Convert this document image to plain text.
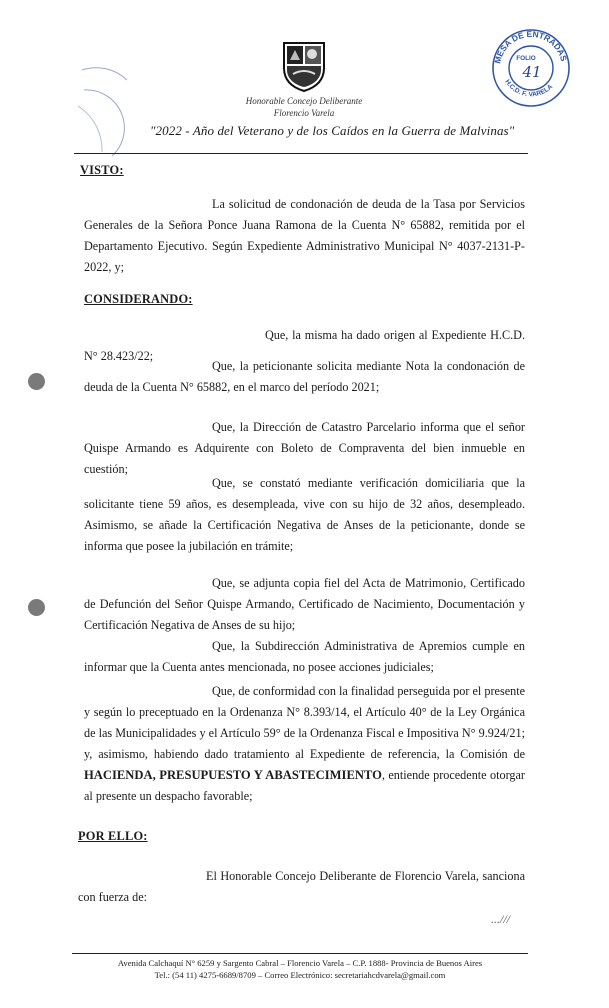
Honorable Concejo Deliberante
Florencio Varela
"2022 - Año del Veterano y de los Caídos en la Guerra de Malvinas"
MESA DE ENTRADAS
H.C.D. F. VARELA
FOLIO
41
VISTO:
La solicitud de condonación de deuda de la Tasa por Servicios Generales de la Señora Ponce Juana Ramona de la Cuenta N° 65882, remitida por el Departamento Ejecutivo. Según Expediente Administrativo Municipal N° 4037-2131-P-2022, y;
CONSIDERANDO:
Que, la misma ha dado origen al Expediente H.C.D. N° 28.423/22;
Que, la peticionante solicita mediante Nota la condonación de deuda de la Cuenta N° 65882, en el marco del período 2021;
Que, la Dirección de Catastro Parcelario informa que el señor Quispe Armando es Adquirente con Boleto de Compraventa del bien inmueble en cuestión;
Que, se constató mediante verificación domiciliaria que la solicitante tiene 59 años, es desempleada, vive con su hijo de 32 años, desempleado. Asimismo, se añade la Certificación Negativa de Anses de la peticionante, donde se informa que posee la jubilación en trámite;
Que, se adjunta copia fiel del Acta de Matrimonio, Certificado de Defunción del Señor Quispe Armando, Certificado de Nacimiento, Documentación y Certificación Negativa de Anses de su hijo;
Que, la Subdirección Administrativa de Apremios cumple en informar que la Cuenta antes mencionada, no posee acciones judiciales;
Que, de conformidad con la finalidad perseguida por el presente y según lo preceptuado en la Ordenanza N° 8.393/14, el Artículo 40° de la Ley Orgánica de las Municipalidades y el Artículo 59° de la Ordenanza Fiscal e Impositiva N° 9.924/21; y, asimismo, habiendo dado tratamiento al Expediente de referencia, la Comisión de HACIENDA, PRESUPUESTO Y ABASTECIMIENTO, entiende procedente otorgar al presente un despacho favorable;
POR ELLO:
El Honorable Concejo Deliberante de Florencio Varela, sanciona con fuerza de:
...///
Avenida Calchaquí N° 6259 y Sargento Cabral – Florencio Varela – C.P. 1888- Provincia de Buenos Aires
Tel.: (54 11) 4275-6689/8709 – Correo Electrónico: secretariahcdvarela@gmail.com
